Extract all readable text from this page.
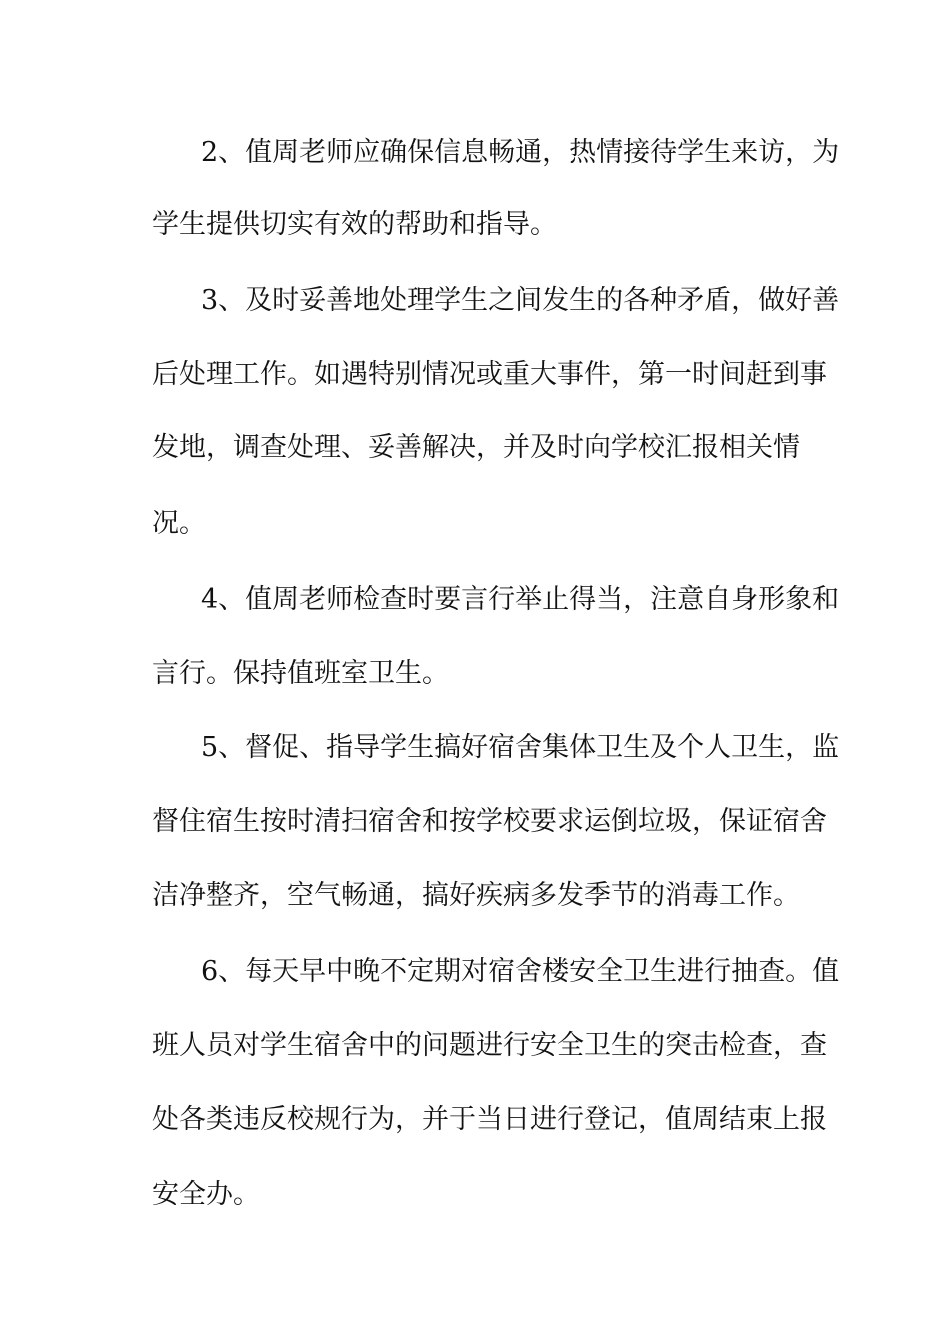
2、值周老师应确保信息畅通，热情接待学生来访，为
学生提供切实有效的帮助和指导。
3、及时妥善地处理学生之间发生的各种矛盾，做好善
后处理工作。如遇特别情况或重大事件，第一时间赶到事
发地，调查处理、妥善解决，并及时向学校汇报相关情
况。
4、值周老师检查时要言行举止得当，注意自身形象和
言行。保持值班室卫生。
5、督促、指导学生搞好宿舍集体卫生及个人卫生，监
督住宿生按时清扫宿舍和按学校要求运倒垃圾，保证宿舍
洁净整齐，空气畅通，搞好疾病多发季节的消毒工作。
6、每天早中晚不定期对宿舍楼安全卫生进行抽查。值
班人员对学生宿舍中的问题进行安全卫生的突击检查，查
处各类违反校规行为，并于当日进行登记，值周结束上报
安全办。
